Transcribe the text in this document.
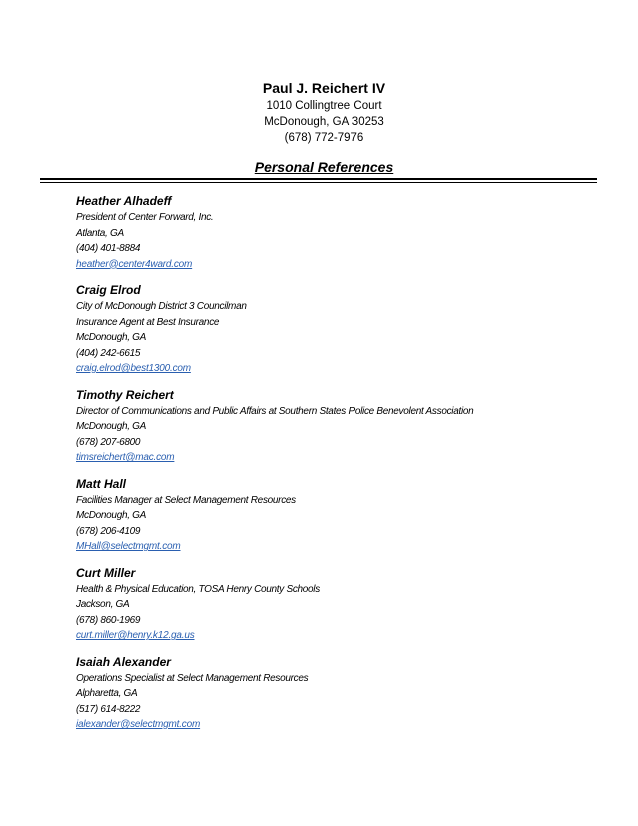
Paul J. Reichert IV
1010 Collingtree Court
McDonough, GA 30253
(678) 772-7976
Personal References
Heather Alhadeff
President of Center Forward, Inc.
Atlanta, GA
(404) 401-8884
heather@center4ward.com
Craig Elrod
City of McDonough District 3 Councilman
Insurance Agent at Best Insurance
McDonough, GA
(404) 242-6615
craig.elrod@best1300.com
Timothy Reichert
Director of Communications and Public Affairs at Southern States Police Benevolent Association
McDonough, GA
(678) 207-6800
timsreichert@mac.com
Matt Hall
Facilities Manager at Select Management Resources
McDonough, GA
(678) 206-4109
MHall@selectmgmt.com
Curt Miller
Health & Physical Education, TOSA Henry County Schools
Jackson, GA
(678) 860-1969
curt.miller@henry.k12.ga.us
Isaiah Alexander
Operations Specialist at Select Management Resources
Alpharetta, GA
(517) 614-8222
ialexander@selectmgmt.com
